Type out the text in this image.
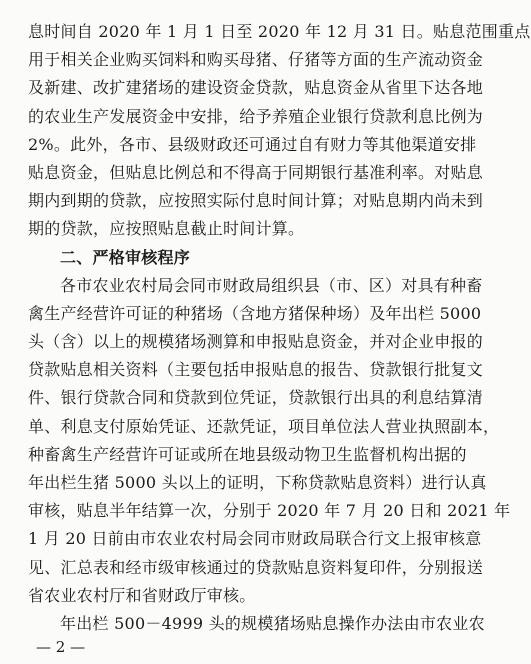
息时间自 2020 年 1 月 1 日至 2020 年 12 月 31 日。贴息范围重点
用于相关企业购买饲料和购买母猪、仔猪等方面的生产流动资金
及新建、改扩建猪场的建设资金贷款，贴息资金从省里下达各地
的农业生产发展资金中安排，给予养殖企业银行贷款利息比例为
2%。此外，各市、县级财政还可通过自有财力等其他渠道安排
贴息资金，但贴息比例总和不得高于同期银行基准利率。对贴息
期内到期的贷款，应按照实际付息时间计算；对贴息期内尚未到
期的贷款，应按照贴息截止时间计算。
二、严格审核程序
各市农业农村局会同市财政局组织县（市、区）对具有种畜
禽生产经营许可证的种猪场（含地方猪保种场）及年出栏 5000
头（含）以上的规模猪场测算和申报贴息资金，并对企业申报的
贷款贴息相关资料（主要包括申报贴息的报告、贷款银行批复文
件、银行贷款合同和贷款到位凭证，贷款银行出具的利息结算清
单、利息支付原始凭证、还款凭证，项目单位法人营业执照副本，
种畜禽生产经营许可证或所在地县级动物卫生监督机构出据的
年出栏生猪 5000 头以上的证明，下称贷款贴息资料）进行认真
审核，贴息半年结算一次，分别于 2020 年 7 月 20 日和 2021 年
1 月 20 日前由市农业农村局会同市财政局联合行文上报审核意
见、汇总表和经市级审核通过的贷款贴息资料复印件，分别报送
省农业农村厅和省财政厅审核。
年出栏 500－4999 头的规模猪场贴息操作办法由市农业农
— 2 —
